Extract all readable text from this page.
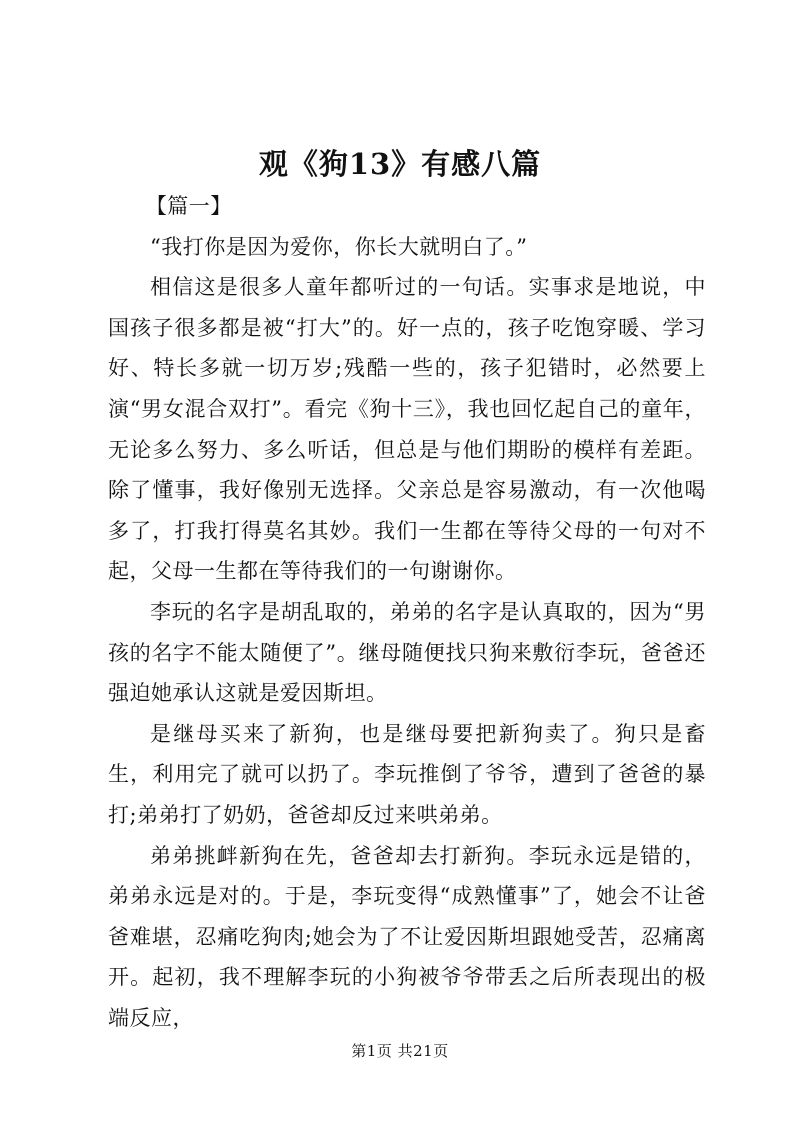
观《狗13》有感八篇

【篇一】

“我打你是因为爱你，你长大就明白了。”

相信这是很多人童年都听过的一句话。实事求是地说，中国孩子很多都是被“打大”的。好一点的，孩子吃饱穿暖、学习好、特长多就一切万岁;残酷一些的，孩子犯错时，必然要上演“男女混合双打”。看完《狗十三》，我也回忆起自己的童年，无论多么努力、多么听话，但总是与他们期盼的模样有差距。除了懂事，我好像别无选择。父亲总是容易激动，有一次他喝多了，打我打得莫名其妙。我们一生都在等待父母的一句对不起，父母一生都在等待我们的一句谢谢你。

李玩的名字是胡乱取的，弟弟的名字是认真取的，因为“男孩的名字不能太随便了”。继母随便找只狗来敷衍李玩，爸爸还强迫她承认这就是爱因斯坦。

是继母买来了新狗，也是继母要把新狗卖了。狗只是畜生，利用完了就可以扔了。李玩推倒了爷爷，遭到了爸爸的暴打;弟弟打了奶奶，爸爸却反过来哄弟弟。

弟弟挑衅新狗在先，爸爸却去打新狗。李玩永远是错的，弟弟永远是对的。于是，李玩变得“成熟懂事”了，她会不让爸爸难堪，忍痛吃狗肉;她会为了不让爱因斯坦跟她受苦，忍痛离开。起初，我不理解李玩的小狗被爷爷带丢之后所表现出的极端反应，

第1页 共21页
